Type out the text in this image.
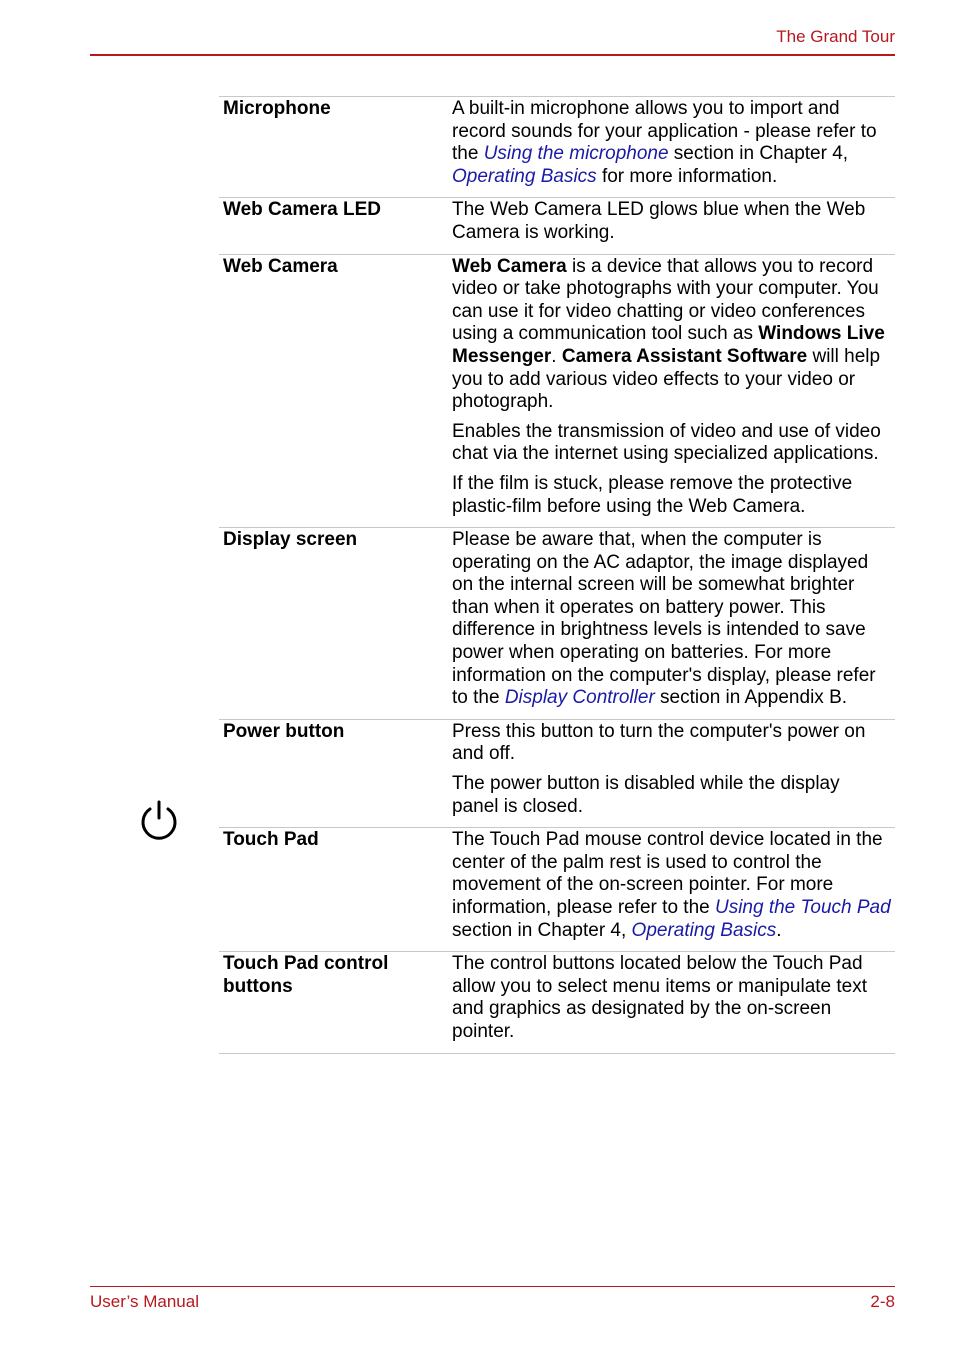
The Grand Tour
Microphone	A built-in microphone allows you to import and record sounds for your application - please refer to the Using the microphone section in Chapter 4, Operating Basics for more information.
Web Camera LED	The Web Camera LED glows blue when the Web Camera is working.
Web Camera	Web Camera is a device that allows you to record video or take photographs with your computer. You can use it for video chatting or video conferences using a communication tool such as Windows Live Messenger. Camera Assistant Software will help you to add various video effects to your video or photograph.

Enables the transmission of video and use of video chat via the internet using specialized applications.

If the film is stuck, please remove the protective plastic-film before using the Web Camera.

Display screen	Please be aware that, when the computer is operating on the AC adaptor, the image displayed on the internal screen will be somewhat brighter than when it operates on battery power. This difference in brightness levels is intended to save power when operating on batteries. For more information on the computer's display, please refer to the Display Controller section in Appendix B.
Power button	Press this button to turn the computer's power on and off.

The power button is disabled while the display panel is closed.

Touch Pad	The Touch Pad mouse control device located in the center of the palm rest is used to control the movement of the on-screen pointer. For more information, please refer to the Using the Touch Pad section in Chapter 4, Operating Basics.
Touch Pad control buttons	The control buttons located below the Touch Pad allow you to select menu items or manipulate text and graphics as designated by the on-screen pointer.
User’s Manual	2-8
